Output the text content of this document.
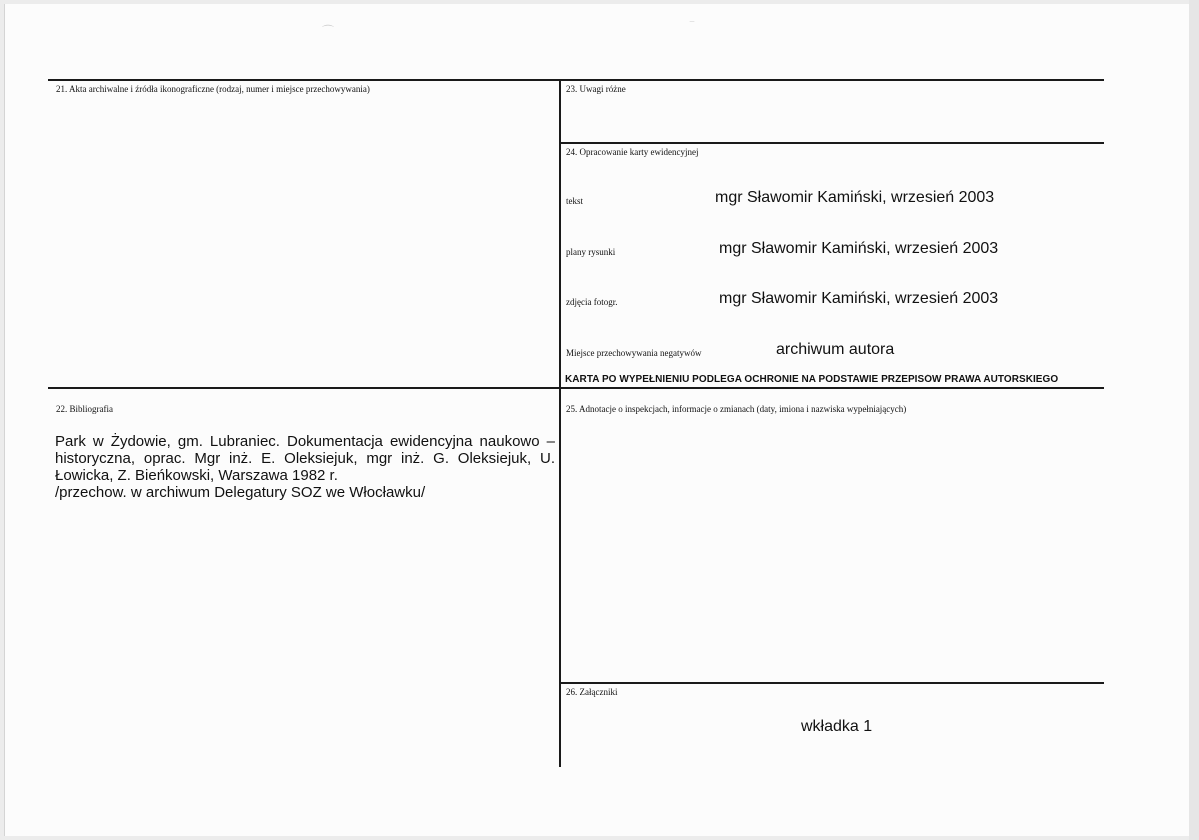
⌒	‾
21. Akta archiwalne i źródła ikonograficzne (rodzaj, numer i miejsce przechowywania)	23. Uwagi różne
24. Opracowanie karty ewidencyjnej
tekst	mgr Sławomir Kamiński, wrzesień 2003
plany rysunki	mgr Sławomir Kamiński, wrzesień 2003
zdjęcia fotogr.	mgr Sławomir Kamiński, wrzesień 2003
Miejsce przechowywania negatywów	archiwum autora
KARTA PO WYPEŁNIENIU PODLEGA OCHRONIE NA PODSTAWIE PRZEPISÓW PRAWA AUTORSKIEGO
22. Bibliografia
Park w Żydowie, gm. Lubraniec. Dokumentacja ewidencyjna naukowo – historyczna, oprac. Mgr inż. E. Oleksiejuk, mgr inż. G. Oleksiejuk, U. Łowicka, Z. Bieńkowski, Warszawa 1982 r.
/przechow. w archiwum Delegatury SOZ we Włocławku/
25. Adnotacje o inspekcjach, informacje o zmianach (daty, imiona i nazwiska wypełniających)
26. Załączniki
wkładka 1
